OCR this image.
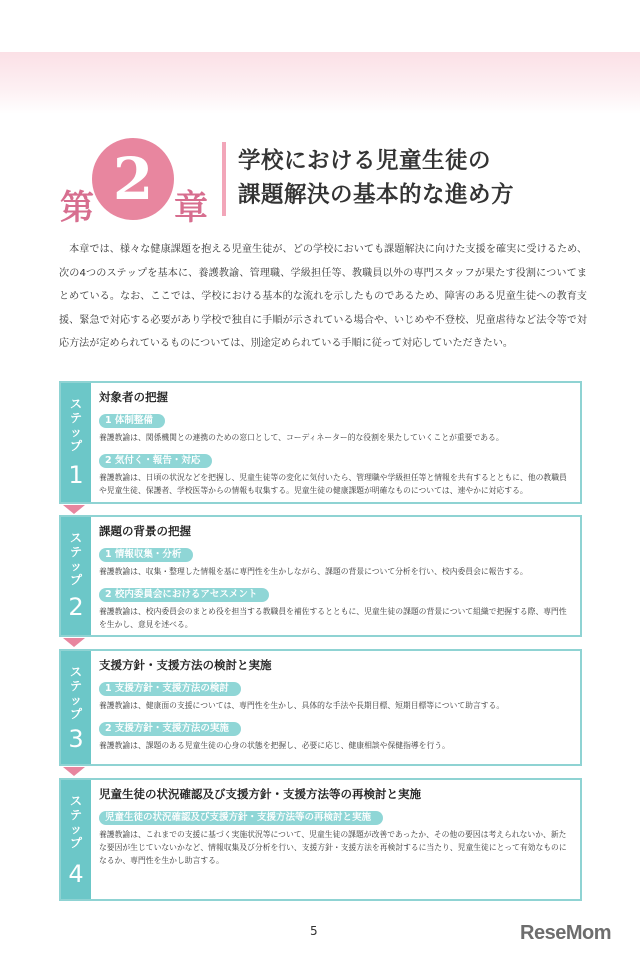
第 2 章
学校における児童生徒の
課題解決の基本的な進め方

本章では、様々な健康課題を抱える児童生徒が、どの学校においても課題解決に向けた支援を確実に受けるため、次の4つのステップを基本に、養護教諭、管理職、学級担任等、教職員以外の専門スタッフが果たす役割についてまとめている。なお、ここでは、学校における基本的な流れを示したものであるため、障害のある児童生徒への教育支援、緊急で対応する必要があり学校で独自に手順が示されている場合や、いじめや不登校、児童虐待など法令等で対応方法が定められているものについては、別途定められている手順に従って対応していただきたい。

ステップ
1
対象者の把握
1 体制整備

養護教諭は、関係機関との連携のための窓口として、コーディネーター的な役割を果たしていくことが重要である。

2 気付く・報告・対応

養護教諭は、日頃の状況などを把握し、児童生徒等の変化に気付いたら、管理職や学級担任等と情報を共有するとともに、他の教職員や児童生徒、保護者、学校医等からの情報も収集する。児童生徒の健康課題が明確なものについては、速やかに対応する。

ステップ
2
課題の背景の把握
1 情報収集・分析

養護教諭は、収集・整理した情報を基に専門性を生かしながら、課題の背景について分析を行い、校内委員会に報告する。

2 校内委員会におけるアセスメント

養護教諭は、校内委員会のまとめ役を担当する教職員を補佐するとともに、児童生徒の課題の背景について組織で把握する際、専門性を生かし、意見を述べる。

ステップ
3
支援方針・支援方法の検討と実施
1 支援方針・支援方法の検討

養護教諭は、健康面の支援については、専門性を生かし、具体的な手法や長期目標、短期目標等について助言する。

2 支援方針・支援方法の実施

養護教諭は、課題のある児童生徒の心身の状態を把握し、必要に応じ、健康相談や保健指導を行う。

ステップ
4
児童生徒の状況確認及び支援方針・支援方法等の再検討と実施
児童生徒の状況確認及び支援方針・支援方法等の再検討と実施

養護教諭は、これまでの支援に基づく実施状況等について、児童生徒の課題が改善であったか、その他の要因は考えられないか、新たな要因が生じていないかなど、情報収集及び分析を行い、支援方針・支援方法を再検討するに当たり、児童生徒にとって有効なものになるか、専門性を生かし助言する。

5	ReseMom
